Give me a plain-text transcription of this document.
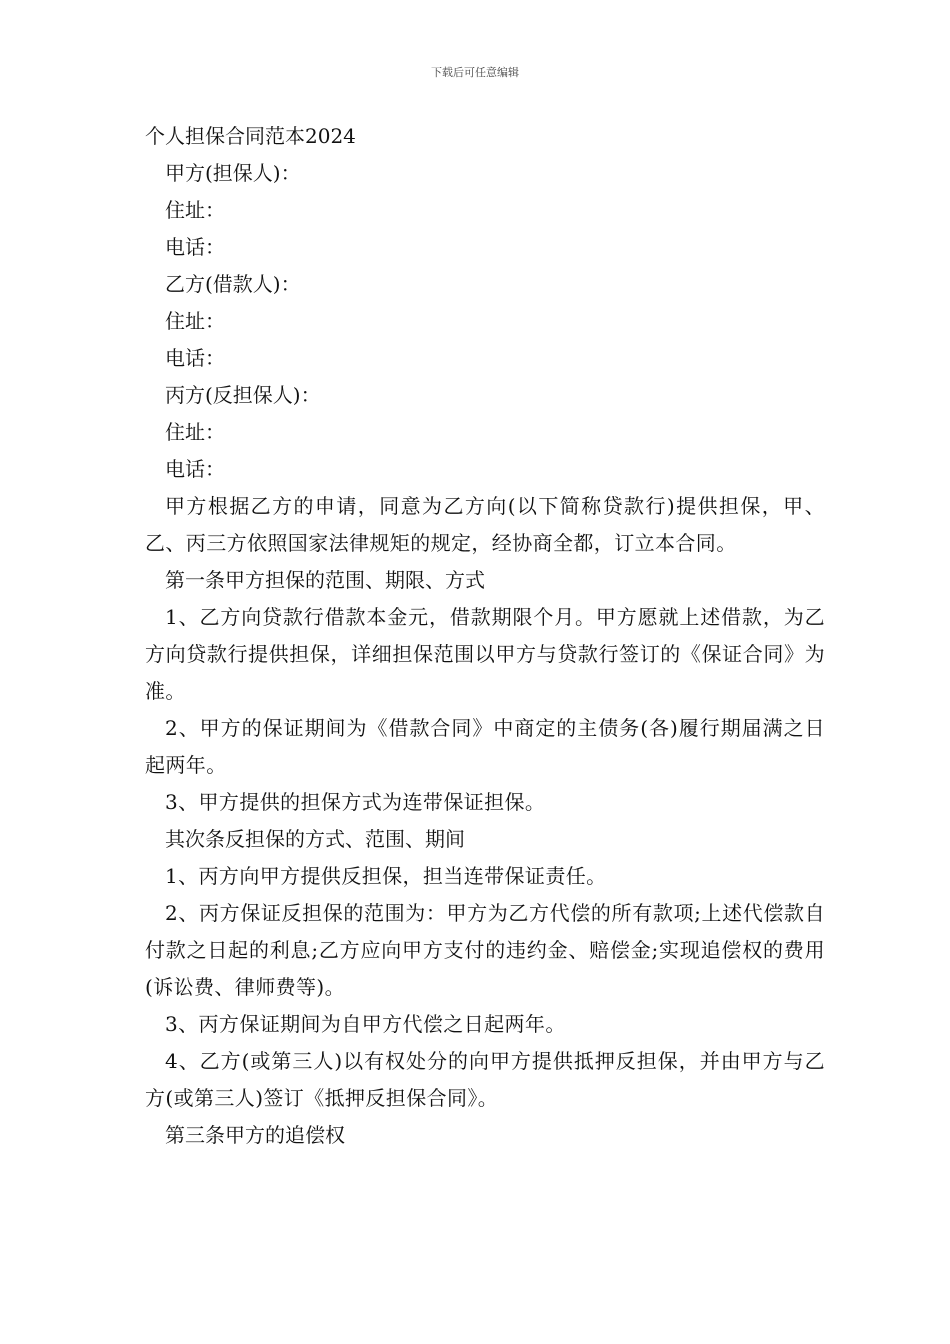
下载后可任意编辑
个人担保合同范本2024
甲方(担保人)：
住址：
电话：
乙方(借款人)：
住址：
电话：
丙方(反担保人)：
住址：
电话：
甲方根据乙方的申请，同意为乙方向(以下简称贷款行)提供担保，甲、乙、丙三方依照国家法律规矩的规定，经协商全都，订立本合同。
第一条甲方担保的范围、期限、方式
1、乙方向贷款行借款本金元，借款期限个月。甲方愿就上述借款，为乙方向贷款行提供担保，详细担保范围以甲方与贷款行签订的《保证合同》为准。
2、甲方的保证期间为《借款合同》中商定的主债务(各)履行期届满之日起两年。
3、甲方提供的担保方式为连带保证担保。
其次条反担保的方式、范围、期间
1、丙方向甲方提供反担保，担当连带保证责任。
2、丙方保证反担保的范围为：甲方为乙方代偿的所有款项;上述代偿款自付款之日起的利息;乙方应向甲方支付的违约金、赔偿金;实现追偿权的费用(诉讼费、律师费等)。
3、丙方保证期间为自甲方代偿之日起两年。
4、乙方(或第三人)以有权处分的向甲方提供抵押反担保，并由甲方与乙方(或第三人)签订《抵押反担保合同》。
第三条甲方的追偿权
